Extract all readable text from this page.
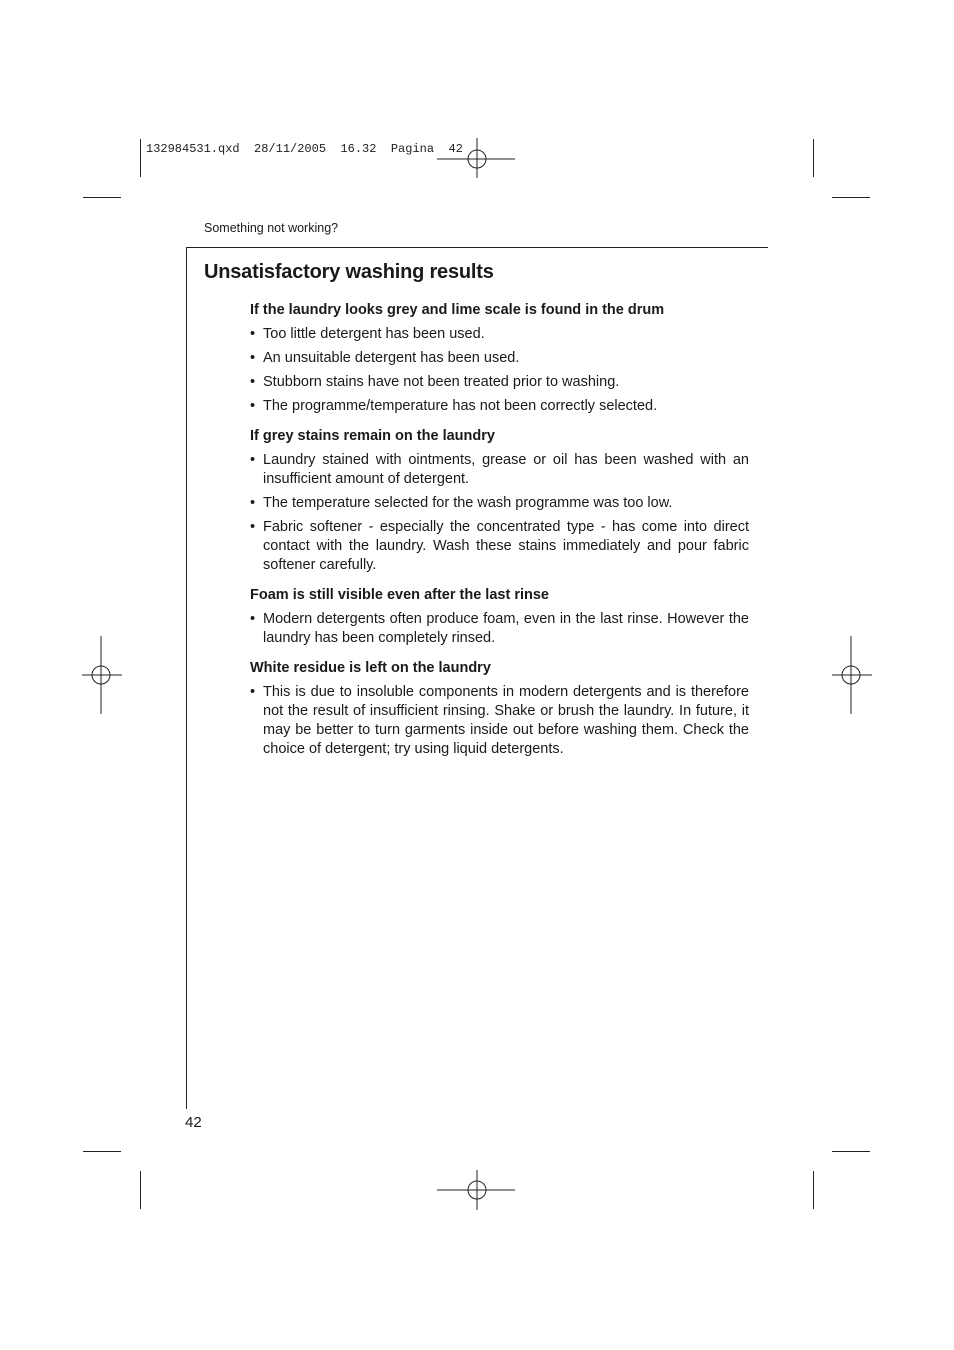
132984531.qxd  28/11/2005  16.32  Pagina  42
Something not working?
Unsatisfactory washing results
If the laundry looks grey and lime scale is found in the drum
• Too little detergent has been used.
• An unsuitable detergent has been used.
• Stubborn stains have not been treated prior to washing.
• The programme/temperature has not been correctly selected.
If grey stains remain on the laundry
• Laundry stained with ointments, grease or oil has been washed with an insufficient amount of detergent.
• The temperature selected for the wash programme was too low.
• Fabric softener - especially the concentrated type - has come into direct contact with the laundry. Wash these stains immediately and pour fabric softener carefully.
Foam is still visible even after the last rinse
• Modern detergents often produce foam, even in the last rinse. However the laundry has been completely rinsed.
White residue is left on the laundry
• This is due to insoluble components in modern detergents and is therefore not the result of insufficient rinsing. Shake or brush the laundry. In future, it may be better to turn garments inside out before washing them. Check the choice of detergent; try using liquid detergents.
42
